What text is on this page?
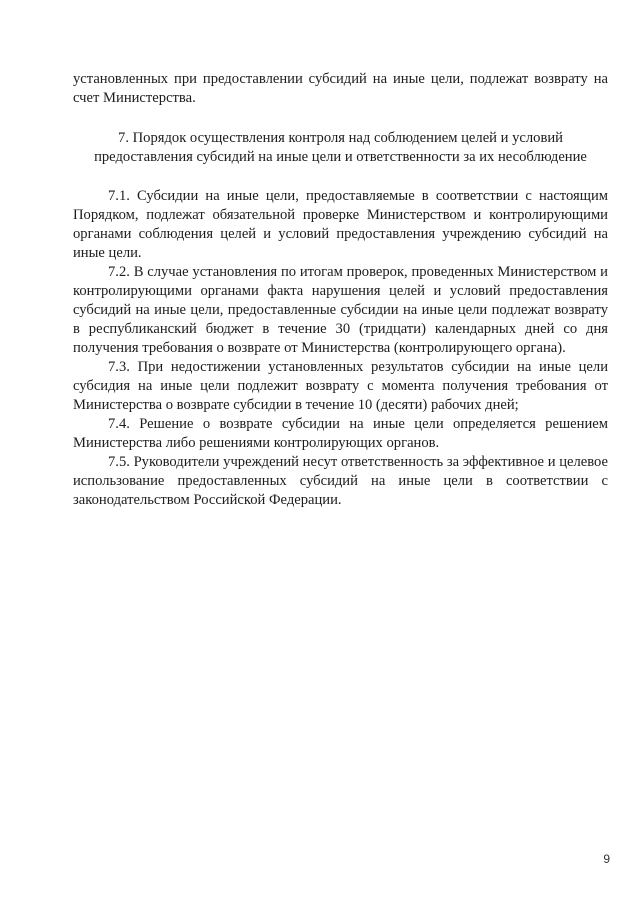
установленных при предоставлении субсидий на иные цели, подлежат возврату на счет Министерства.

7. Порядок осуществления контроля над соблюдением целей и условий предоставления субсидий на иные цели и ответственности за их несоблюдение

7.1. Субсидии на иные цели, предоставляемые в соответствии с настоящим Порядком, подлежат обязательной проверке Министерством и контролирующими органами соблюдения целей и условий предоставления учреждению субсидий на иные цели.

7.2. В случае установления по итогам проверок, проведенных Министерством и контролирующими органами факта нарушения целей и условий предоставления субсидий на иные цели, предоставленные субсидии на иные цели подлежат возврату в республиканский бюджет в течение 30 (тридцати) календарных дней со дня получения требования о возврате от Министерства (контролирующего органа).

7.3. При недостижении установленных результатов субсидии на иные цели субсидия на иные цели подлежит возврату с момента получения требования от Министерства о возврате субсидии в течение 10 (десяти) рабочих дней;

7.4. Решение о возврате субсидии на иные цели определяется решением Министерства либо решениями контролирующих органов.

7.5. Руководители учреждений несут ответственность за эффективное и целевое использование предоставленных субсидий на иные цели в соответствии с законодательством Российской Федерации.

9
